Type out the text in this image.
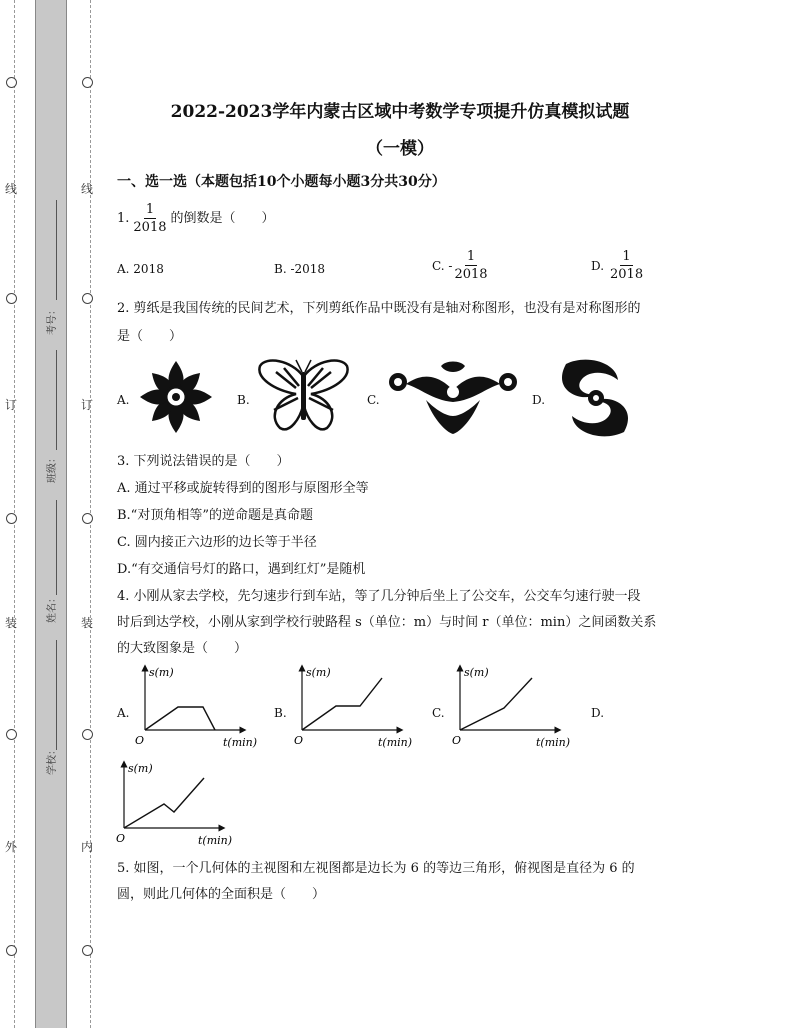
线
订
装
外
线
订
装
内
考号：
班级：
姓名：
学校：
2022-2023学年内蒙古区域中考数学专项提升仿真模拟试题
（一模）
一、选一选（本题包括10个小题每小题3分共30分）
1. $\frac{1}{2018}$ 的倒数是（　　）
A. 2018	B. -2018	C. - $\frac{1}{2018}$	D. $\frac{1}{2018}$
2. 剪纸是我国传统的民间艺术，下列剪纸作品中既没有是轴对称图形，也没有是对称图形的
是（　　）
A.	B.	C.	D.
3. 下列说法错误的是（　　）
A. 通过平移或旋转得到的图形与原图形全等
B.“对顶角相等”的逆命题是真命题
C. 圆内接正六边形的边长等于半径
D.“有交通信号灯的路口，遇到红灯”是随机
4. 小刚从家去学校，先匀速步行到车站，等了几分钟后坐上了公交车，公交车匀速行驶一段
时后到达学校，小刚从家到学校行驶路程 s（单位：m）与时间 r（单位：min）之间函数关系
的大致图象是（　　）
A.
s(m)
O	t(min)
B.
s(m)
O	t(min)
C.
s(m)
O	t(min)
D.
s(m)
O	t(min)
5. 如图，一个几何体的主视图和左视图都是边长为 6 的等边三角形，俯视图是直径为 6 的
圆，则此几何体的全面积是（　　）
